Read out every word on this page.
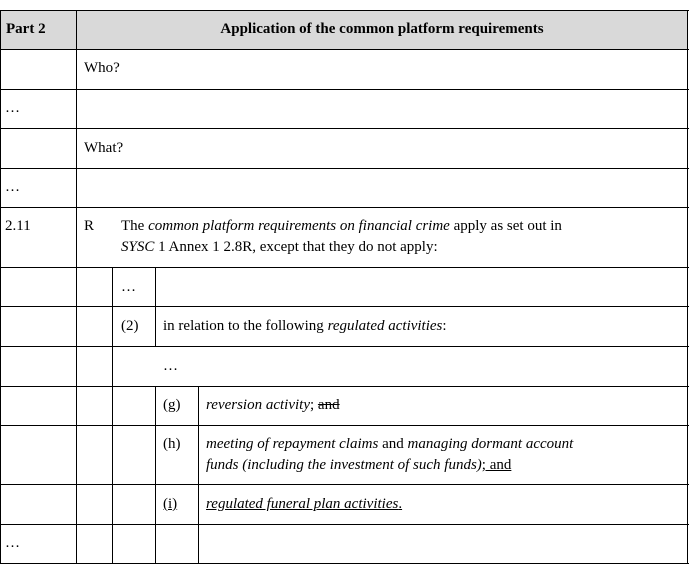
Part 2	Application of the common platform requirements
Who?
…
What?
…
2.11	R The common platform requirements on financial crime apply as set out in
SYSC 1 Annex 1 2.8R, except that they do not apply:
…
(2) in relation to the following regulated activities:
…
(g) reversion activity; and
(h) meeting of repayment claims and managing dormant account
funds (including the investment of such funds); and
(i) regulated funeral plan activities.
…
